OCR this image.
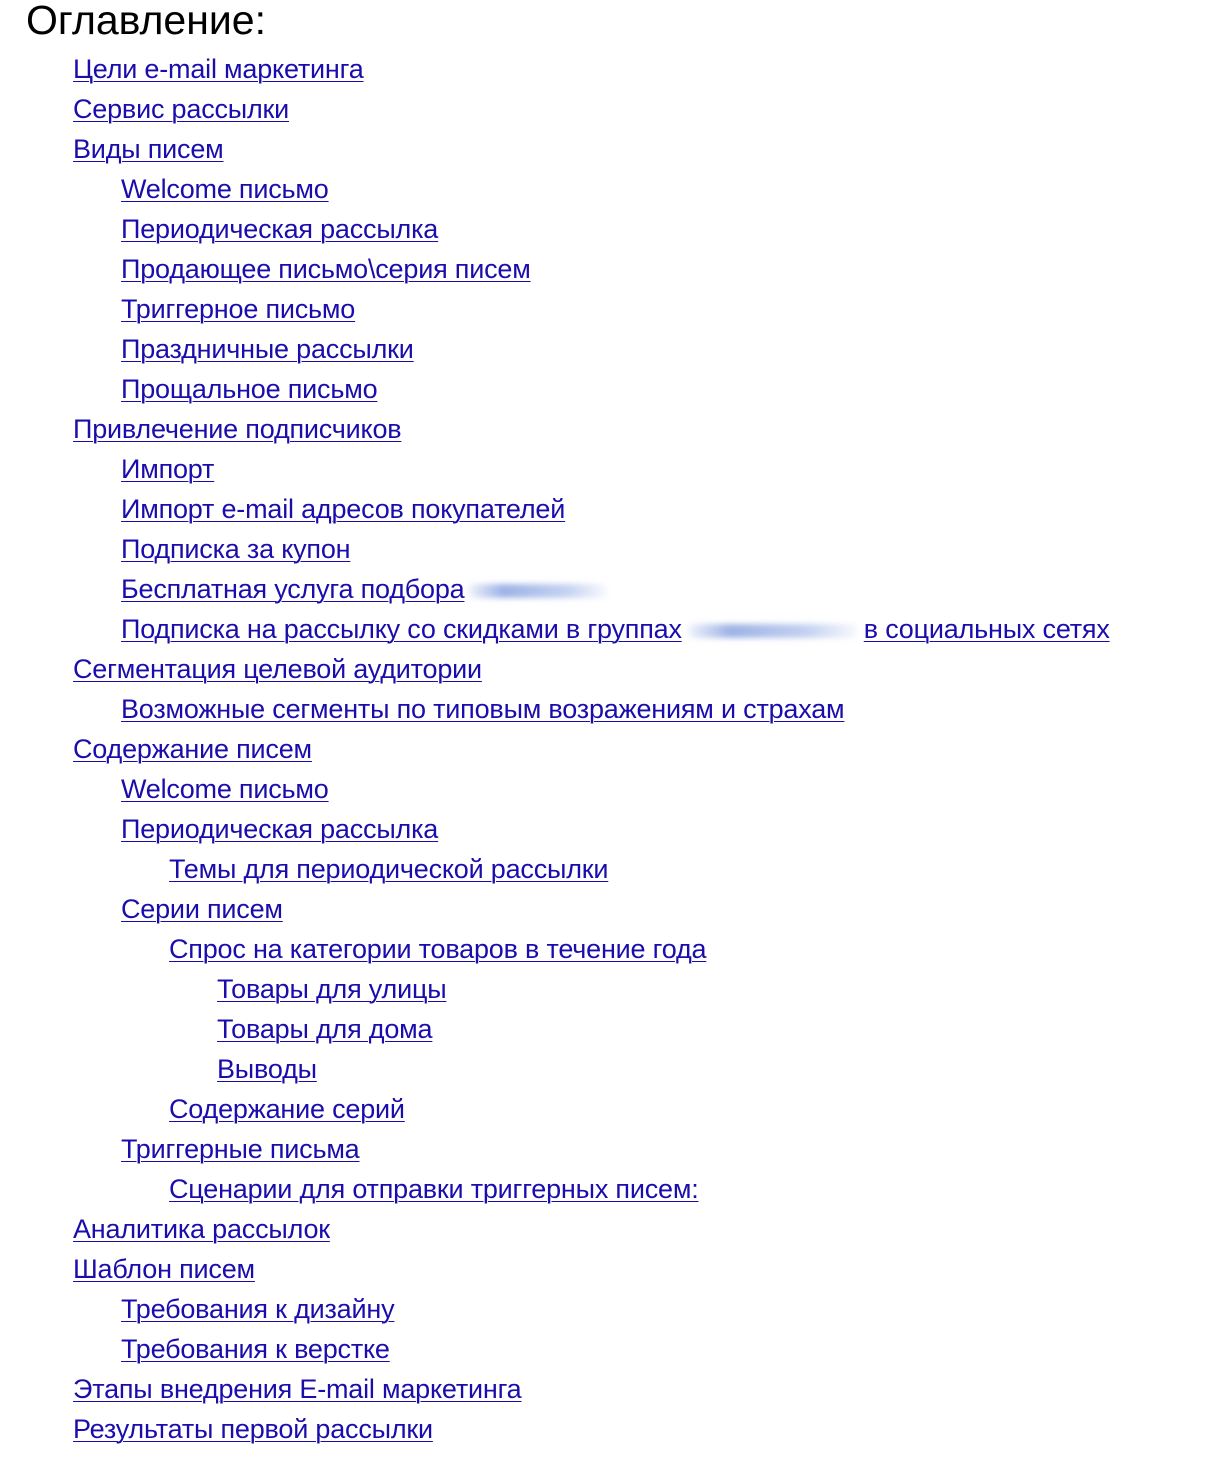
Оглавление:
Цели e-mail маркетинга
Сервис рассылки
Виды писем
Welcome письмо
Периодическая рассылка
Продающее письмо\серия писем
Триггерное письмо
Праздничные рассылки
Прощальное письмо
Привлечение подписчиков
Импорт
Импорт e-mail адресов покупателей
Подписка за купон
Бесплатная услуга подбора
Подписка на рассылку со скидками в группах	в социальных сетях
Сегментация целевой аудитории
Возможные сегменты по типовым возражениям и страхам
Содержание писем
Welcome письмо
Периодическая рассылка
Темы для периодической рассылки
Серии писем
Спрос на категории товаров в течение года
Товары для улицы
Товары для дома
Выводы
Содержание серий
Триггерные письма
Сценарии для отправки триггерных писем:
Аналитика рассылок
Шаблон писем
Требования к дизайну
Требования к верстке
Этапы внедрения E-mail маркетинга
Результаты первой рассылки
